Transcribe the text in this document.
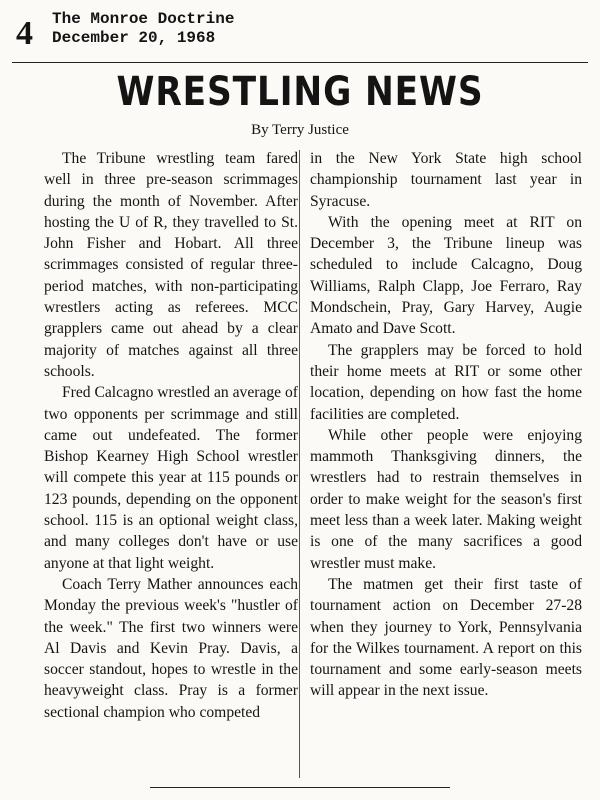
4 The Monroe Doctrine
December 20, 1968
WRESTLING NEWS
By Terry Justice

The Tribune wrestling team fared well in three pre-season scrimmages during the month of November. After hosting the U of R, they travelled to St. John Fisher and Hobart. All three scrimmages consisted of regular three-period matches, with non-participating wrestlers acting as referees. MCC grapplers came out ahead by a clear majority of matches against all three schools.

Fred Calcagno wrestled an average of two opponents per scrimmage and still came out undefeated. The former Bishop Kearney High School wrestler will compete this year at 115 pounds or 123 pounds, depending on the opponent school. 115 is an optional weight class, and many colleges don't have or use anyone at that light weight.

Coach Terry Mather announces each Monday the previous week's "hustler of the week." The first two winners were Al Davis and Kevin Pray. Davis, a soccer standout, hopes to wrestle in the heavyweight class. Pray is a former sectional champion who competed

in the New York State high school championship tournament last year in Syracuse.

With the opening meet at RIT on December 3, the Tribune lineup was scheduled to include Calcagno, Doug Williams, Ralph Clapp, Joe Ferraro, Ray Mondschein, Pray, Gary Harvey, Augie Amato and Dave Scott.

The grapplers may be forced to hold their home meets at RIT or some other location, depending on how fast the home facilities are completed.

While other people were enjoying mammoth Thanksgiving dinners, the wrestlers had to restrain themselves in order to make weight for the season's first meet less than a week later. Making weight is one of the many sacrifices a good wrestler must make.

The matmen get their first taste of tournament action on December 27-28 when they journey to York, Pennsylvania for the Wilkes tournament. A report on this tournament and some early-season meets will appear in the next issue.
